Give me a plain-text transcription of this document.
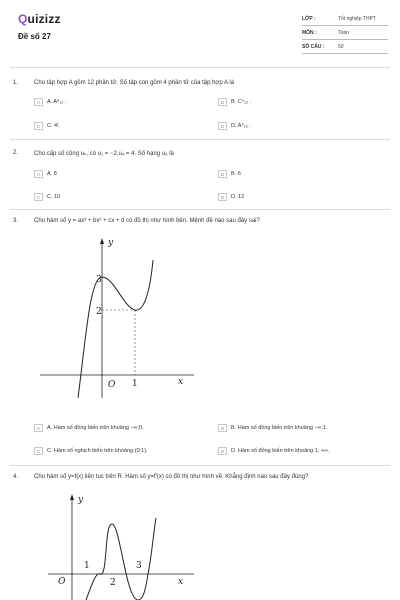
Quizizz
Đề số 27
LỚP :	Tốt nghiệp THPT
MÔN :	Toán
SỐ CÂU :	50
1.	Cho tập hợp A gồm 12 phần tử. Số tập con gồm 4 phần tử của tập hợp A là
A	A. A⁸₁₂ .	B	B. C⁴₁₂ .
C	C. 4!.	D	D. A⁴₁₂ .
2.	Cho cấp số cộng uₙ, có u₁ = −2,u₄ = 4. Số hạng u₆ là
A	A. 8	B	B. 6
C	C. 10	D	D. 12
3.	Cho hàm số y = ax³ + bx² + cx + d có đồ thị như hình bên. Mệnh đề nào sau đây sai?
y
x
O 1
3
2
A	A. Hàm số đồng biến trên khoảng −∞;0.	B	B. Hàm số đồng biến trên khoảng −∞;1.
C	C. Hàm số nghịch biến trên khoảng (0;1).	D	D. Hàm số đồng biến trên khoảng 1; +∞.
4.	Cho hàm số y=f(x) liên tục trên R. Hàm số y=f'(x) có đồ thị như hình vẽ. Khẳng định nào sau đây đúng?
y
x
O
1
2
3
